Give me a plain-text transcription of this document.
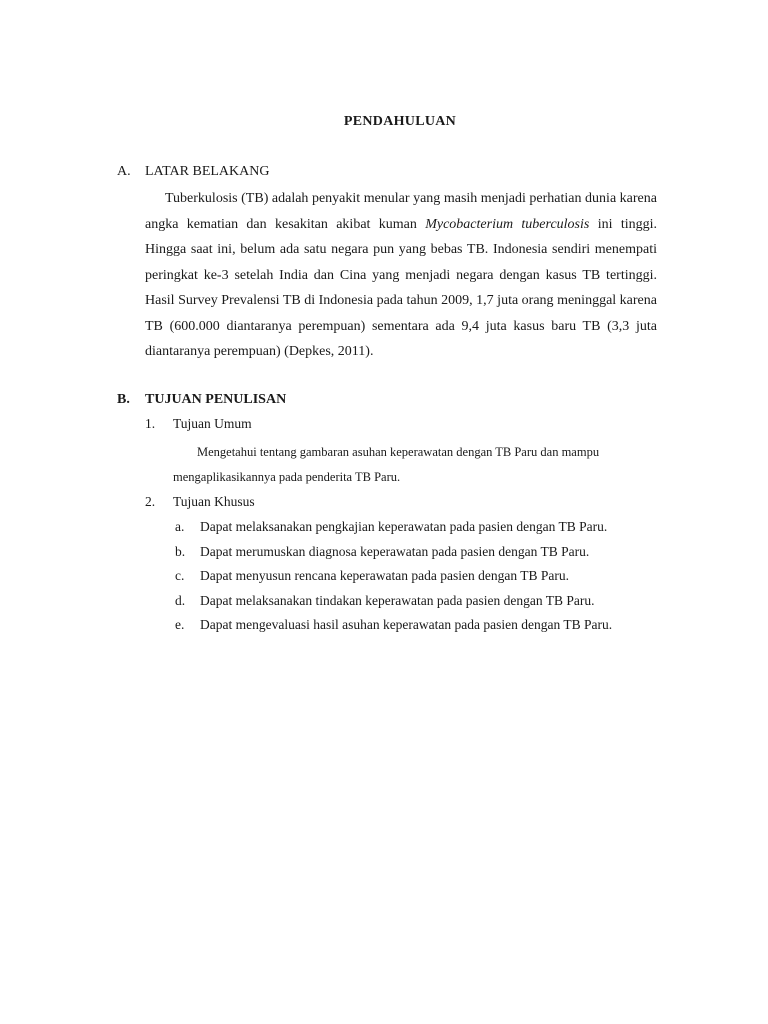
PENDAHULUAN
A. LATAR BELAKANG
Tuberkulosis (TB) adalah penyakit menular yang masih menjadi perhatian dunia karena angka kematian dan kesakitan akibat kuman Mycobacterium tuberculosis ini tinggi. Hingga saat ini, belum ada satu negara pun yang bebas TB. Indonesia sendiri menempati peringkat ke-3 setelah India dan Cina yang menjadi negara dengan kasus TB tertinggi. Hasil Survey Prevalensi TB di Indonesia pada tahun 2009, 1,7 juta orang meninggal karena TB (600.000 diantaranya perempuan) sementara ada 9,4 juta kasus baru TB (3,3 juta diantaranya perempuan) (Depkes, 2011).
B. TUJUAN PENULISAN
1. Tujuan Umum
Mengetahui tentang gambaran asuhan keperawatan dengan TB Paru dan mampu mengaplikasikannya pada penderita TB Paru.
2. Tujuan Khusus
a. Dapat melaksanakan pengkajian keperawatan pada pasien dengan TB Paru.
b. Dapat merumuskan diagnosa keperawatan pada pasien dengan TB Paru.
c. Dapat menyusun rencana keperawatan pada pasien dengan TB Paru.
d. Dapat melaksanakan tindakan keperawatan pada pasien dengan TB Paru.
e. Dapat mengevaluasi hasil asuhan keperawatan pada pasien dengan TB Paru.
